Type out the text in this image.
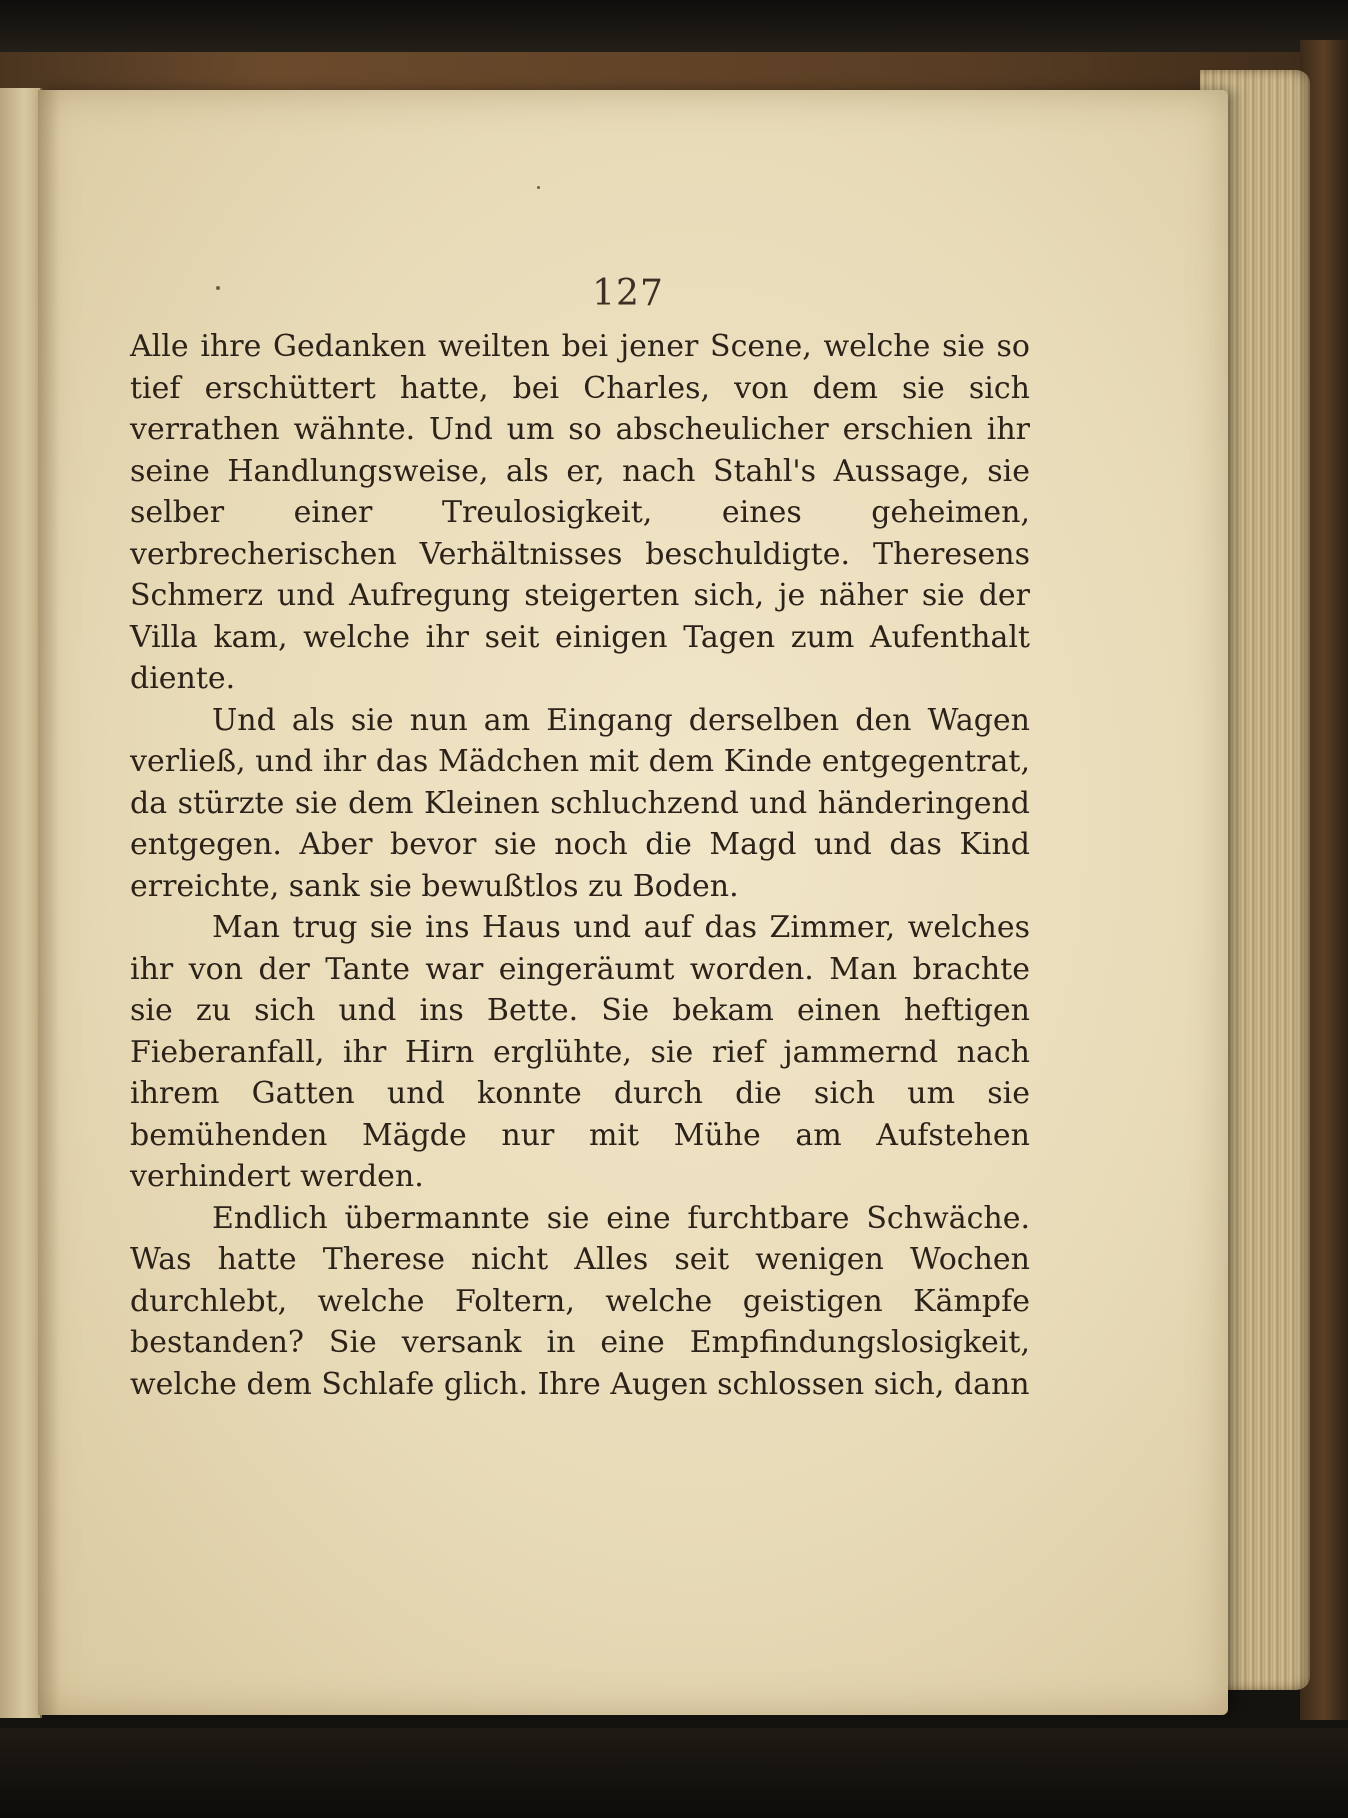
127

Alle ihre Gedanken weilten bei jener Scene, welche sie so tief erschüttert hatte, bei Charles, von dem sie sich verrathen wähnte. Und um so abscheulicher erschien ihr seine Handlungsweise, als er, nach Stahl's Aussage, sie selber einer Treulosigkeit, eines geheimen, verbrecherischen Verhältnisses beschuldigte. Theresens Schmerz und Aufregung steigerten sich, je näher sie der Villa kam, welche ihr seit einigen Tagen zum Aufenthalt diente.

Und als sie nun am Eingang derselben den Wagen verließ, und ihr das Mädchen mit dem Kinde entgegentrat, da stürzte sie dem Kleinen schluchzend und händeringend entgegen. Aber bevor sie noch die Magd und das Kind erreichte, sank sie bewußtlos zu Boden.

Man trug sie ins Haus und auf das Zimmer, welches ihr von der Tante war eingeräumt worden. Man brachte sie zu sich und ins Bette. Sie bekam einen heftigen Fieberanfall, ihr Hirn erglühte, sie rief jammernd nach ihrem Gatten und konnte durch die sich um sie bemühenden Mägde nur mit Mühe am Aufstehen verhindert werden.

Endlich übermannte sie eine furchtbare Schwäche. Was hatte Therese nicht Alles seit wenigen Wochen durchlebt, welche Foltern, welche geistigen Kämpfe bestanden? Sie versank in eine Empfindungslosigkeit, welche dem Schlafe glich. Ihre Augen schlossen sich, dann
